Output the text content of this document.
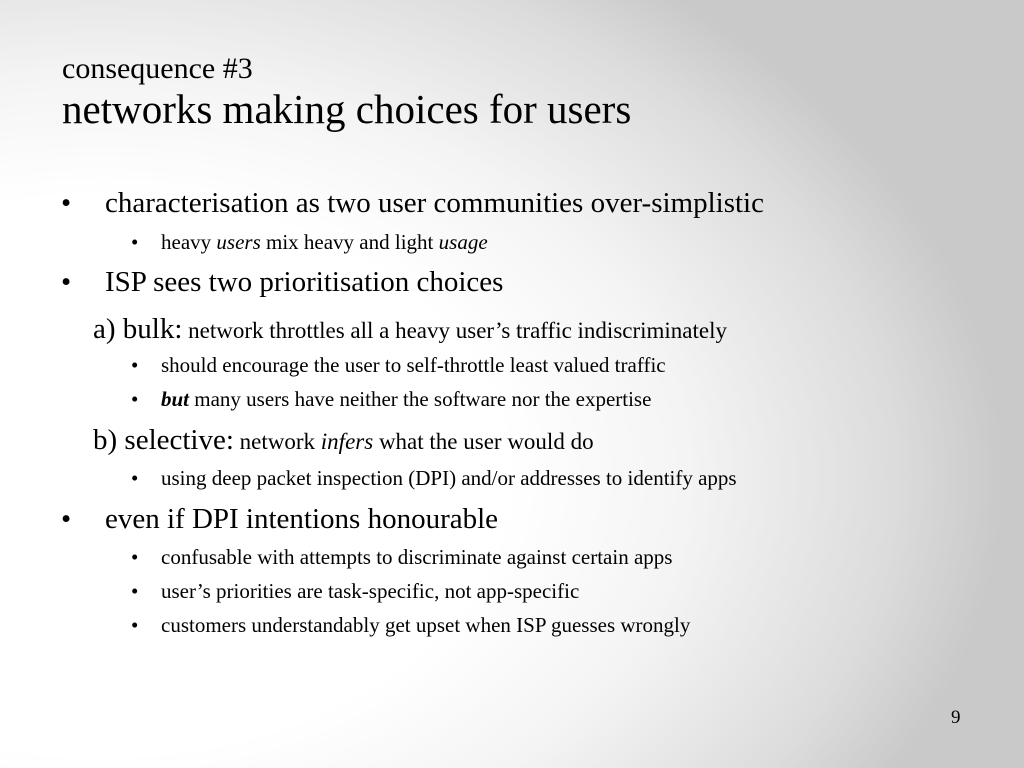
consequence #3
networks making choices for users
• characterisation as two user communities over-simplistic
• heavy users mix heavy and light usage
• ISP sees two prioritisation choices
a) bulk: network throttles all a heavy user’s traffic indiscriminately
• should encourage the user to self-throttle least valued traffic
• but many users have neither the software nor the expertise
b) selective: network infers what the user would do
• using deep packet inspection (DPI) and/or addresses to identify apps
• even if DPI intentions honourable
• confusable with attempts to discriminate against certain apps
• user’s priorities are task-specific, not app-specific
• customers understandably get upset when ISP guesses wrongly
9
